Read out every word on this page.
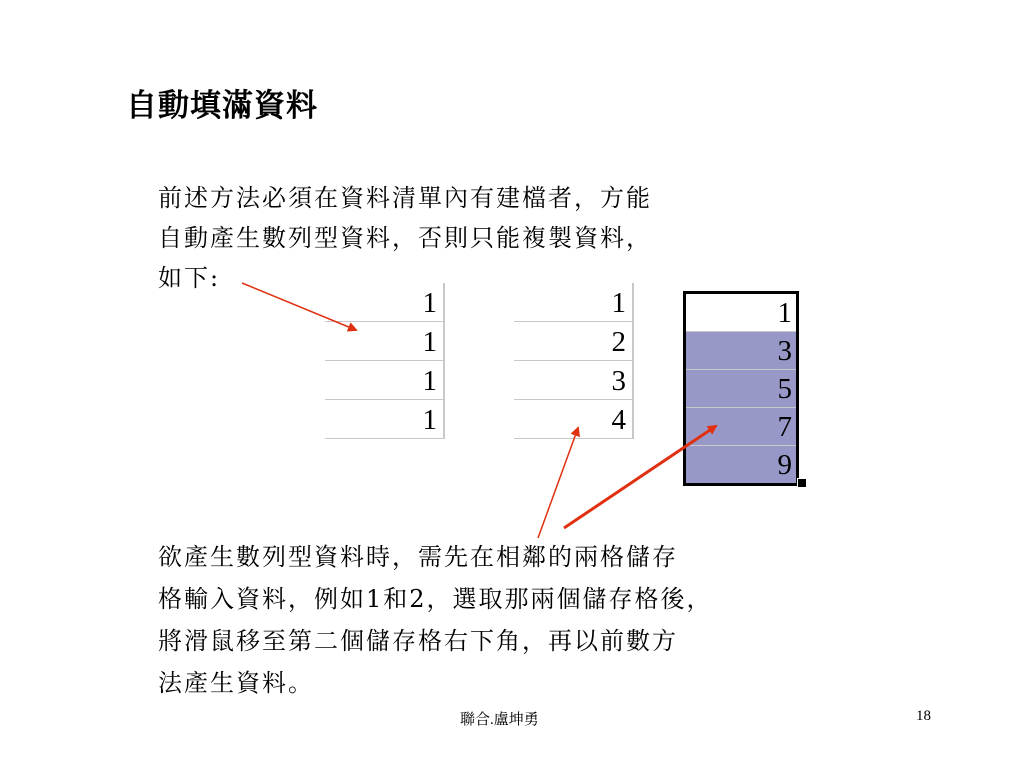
自動填滿資料
前述方法必須在資料清單內有建檔者，方能
自動產生數列型資料，否則只能複製資料，
如下:
1
1
1
1
1
2
3
4
1
3
5
7
9
欲產生數列型資料時，需先在相鄰的兩格儲存
格輸入資料，例如1和2，選取那兩個儲存格後，
將滑鼠移至第二個儲存格右下角，再以前數方
法產生資料。
聯合.盧坤勇	18
